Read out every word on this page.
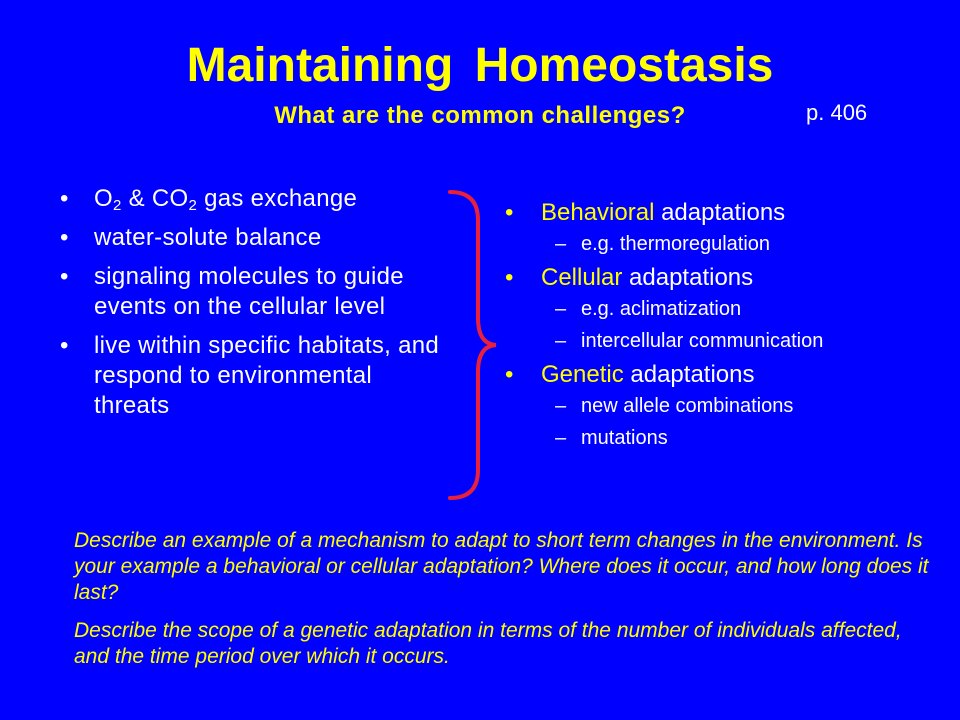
Maintaining Homeostasis
What are the common challenges?	p. 406
• $O_2$ & $CO_2$ gas exchange
• water-solute balance
• signaling molecules to guide events on the cellular level
• live within specific habitats, and respond to environmental threats
• Behavioral adaptations
– e.g. thermoregulation
• Cellular adaptations
– e.g. aclimatization
– intercellular communication
• Genetic adaptations
– new allele combinations
– mutations

Describe an example of a mechanism to adapt to short term changes in the environment. Is your example a behavioral or cellular adaptation? Where does it occur, and how long does it last?

Describe the scope of a genetic adaptation in terms of the number of individuals affected, and the time period over which it occurs.
